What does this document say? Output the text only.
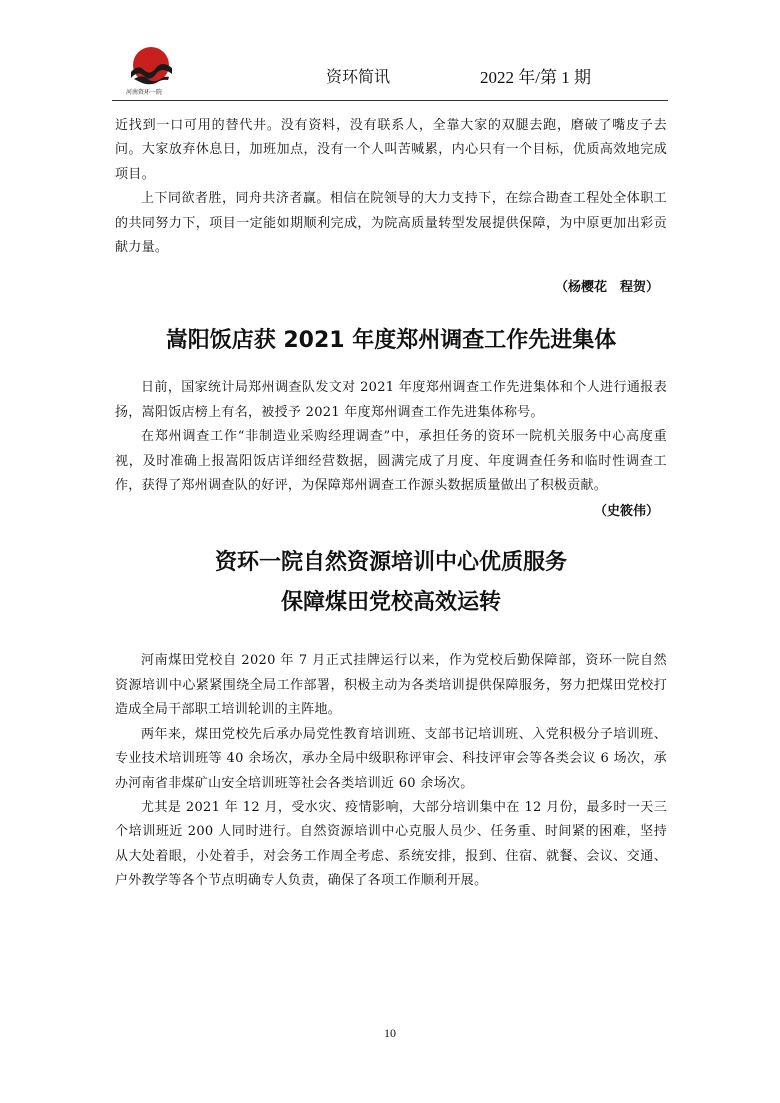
河南资环一院
资环简讯	2022 年/第 1 期

近找到一口可用的替代井。没有资料，没有联系人，全靠大家的双腿去跑，磨破了嘴皮子去问。大家放弃休息日，加班加点，没有一个人叫苦喊累，内心只有一个目标，优质高效地完成项目。

上下同欲者胜，同舟共济者赢。相信在院领导的大力支持下，在综合勘查工程处全体职工的共同努力下，项目一定能如期顺利完成，为院高质量转型发展提供保障，为中原更加出彩贡献力量。

（杨樱花　程贺）

嵩阳饭店获 2021 年度郑州调查工作先进集体

日前，国家统计局郑州调查队发文对 2021 年度郑州调查工作先进集体和个人进行通报表扬，嵩阳饭店榜上有名，被授予 2021 年度郑州调查工作先进集体称号。

在郑州调查工作“非制造业采购经理调查”中，承担任务的资环一院机关服务中心高度重视，及时准确上报嵩阳饭店详细经营数据，圆满完成了月度、年度调查任务和临时性调查工作，获得了郑州调查队的好评，为保障郑州调查工作源头数据质量做出了积极贡献。

（史筱伟）

资环一院自然资源培训中心优质服务
保障煤田党校高效运转

河南煤田党校自 2020 年 7 月正式挂牌运行以来，作为党校后勤保障部，资环一院自然资源培训中心紧紧围绕全局工作部署，积极主动为各类培训提供保障服务，努力把煤田党校打造成全局干部职工培训轮训的主阵地。

两年来，煤田党校先后承办局党性教育培训班、支部书记培训班、入党积极分子培训班、专业技术培训班等 40 余场次，承办全局中级职称评审会、科技评审会等各类会议 6 场次，承办河南省非煤矿山安全培训班等社会各类培训近 60 余场次。

尤其是 2021 年 12 月，受水灾、疫情影响，大部分培训集中在 12 月份，最多时一天三个培训班近 200 人同时进行。自然资源培训中心克服人员少、任务重、时间紧的困难，坚持从大处着眼，小处着手，对会务工作周全考虑、系统安排，报到、住宿、就餐、会议、交通、户外教学等各个节点明确专人负责，确保了各项工作顺利开展。

10
